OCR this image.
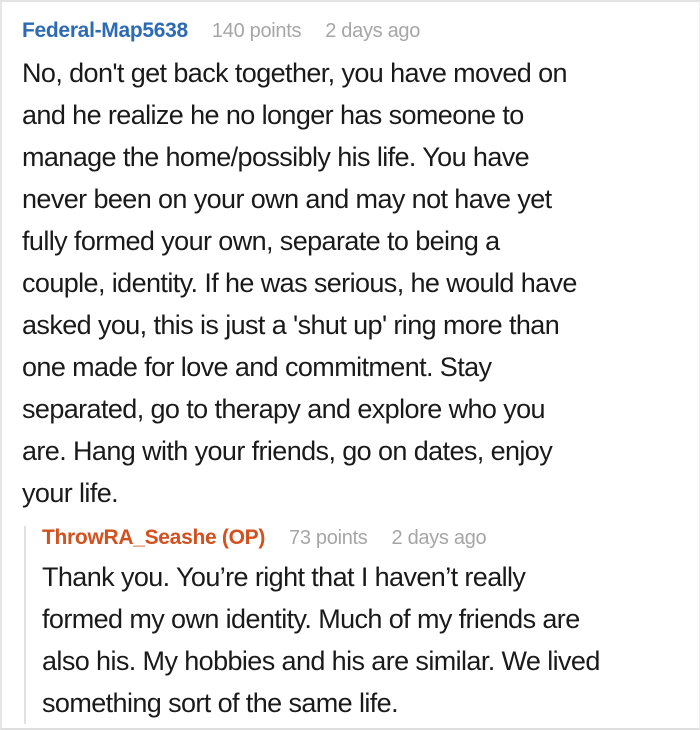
Federal-Map5638 140 points 2 days ago
No, don't get back together, you have moved on
and he realize he no longer has someone to
manage the home/possibly his life. You have
never been on your own and may not have yet
fully formed your own, separate to being a
couple, identity. If he was serious, he would have
asked you, this is just a 'shut up' ring more than
one made for love and commitment. Stay
separated, go to therapy and explore who you
are. Hang with your friends, go on dates, enjoy
your life.
ThrowRA_Seashe (OP) 73 points 2 days ago
Thank you. You’re right that I haven’t really
formed my own identity. Much of my friends are
also his. My hobbies and his are similar. We lived
something sort of the same life.
